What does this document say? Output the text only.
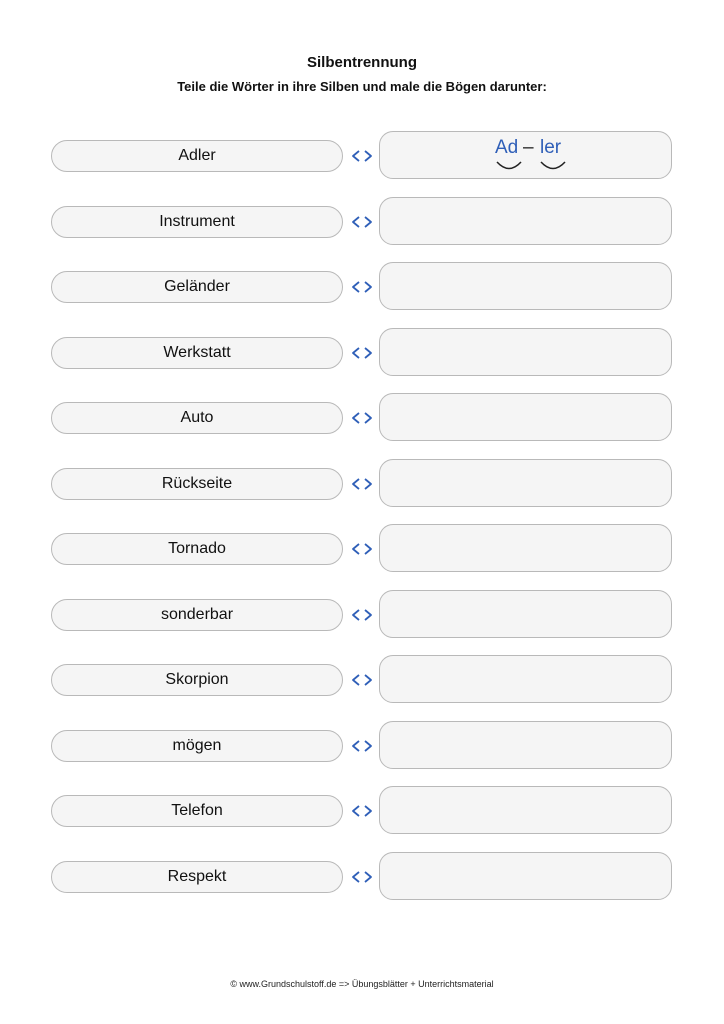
Silbentrennung
Teile die Wörter in ihre Silben und male die Bögen darunter:
Adler	Ad – ler
Instrument
Geländer
Werkstatt
Auto
Rückseite
Tornado
sonderbar
Skorpion
mögen
Telefon
Respekt
© www.Grundschulstoff.de => Übungsblätter + Unterrichtsmaterial
